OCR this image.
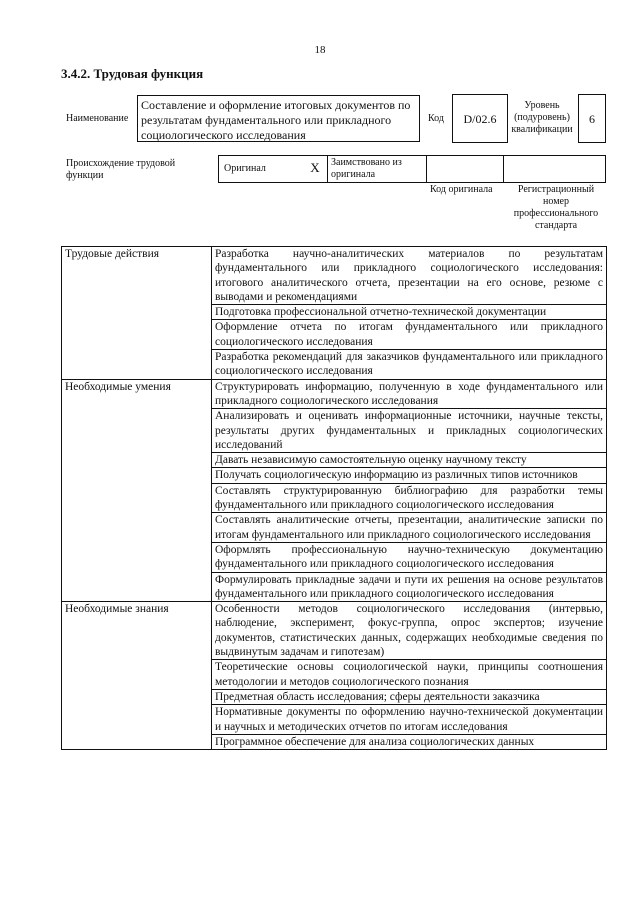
18
3.4.2. Трудовая функция
Наименование
Составление и оформление итоговых документов по результатам фундаментального или прикладного социологического исследования
Код	D/02.6
Уровень (подуровень) квалификации
6
Происхождение трудовой функции
Оригинал	X	Заимствовано из оригинала
Код оригинала	Регистрационный номер профессионального стандарта
Трудовые действия	Разработка научно-аналитических материалов по результатам фундаментального или прикладного социологического исследования: итогового аналитического отчета, презентации на его основе, резюме с выводами и рекомендациями
	Подготовка профессиональной отчетно-технической документации
	Оформление отчета по итогам фундаментального или прикладного социологического исследования
	Разработка рекомендаций для заказчиков фундаментального или прикладного социологического исследования
Необходимые умения	Структурировать информацию, полученную в ходе фундаментального или прикладного социологического исследования
	Анализировать и оценивать информационные источники, научные тексты, результаты других фундаментальных и прикладных социологических исследований
	Давать независимую самостоятельную оценку научному тексту
	Получать социологическую информацию из различных типов источников
	Составлять структурированную библиографию для разработки темы фундаментального или прикладного социологического исследования
	Составлять аналитические отчеты, презентации, аналитические записки по итогам фундаментального или прикладного социологического исследования
	Оформлять профессиональную научно-техническую документацию фундаментального или прикладного социологического исследования
	Формулировать прикладные задачи и пути их решения на основе результатов фундаментального или прикладного социологического исследования
Необходимые знания	Особенности методов социологического исследования (интервью, наблюдение, эксперимент, фокус-группа, опрос экспертов; изучение документов, статистических данных, содержащих необходимые сведения по выдвинутым задачам и гипотезам)
	Теоретические основы социологической науки, принципы соотношения методологии и методов социологического познания
	Предметная область исследования; сферы деятельности заказчика
	Нормативные документы по оформлению научно-технической документации и научных и методических отчетов по итогам исследования
	Программное обеспечение для анализа социологических данных
